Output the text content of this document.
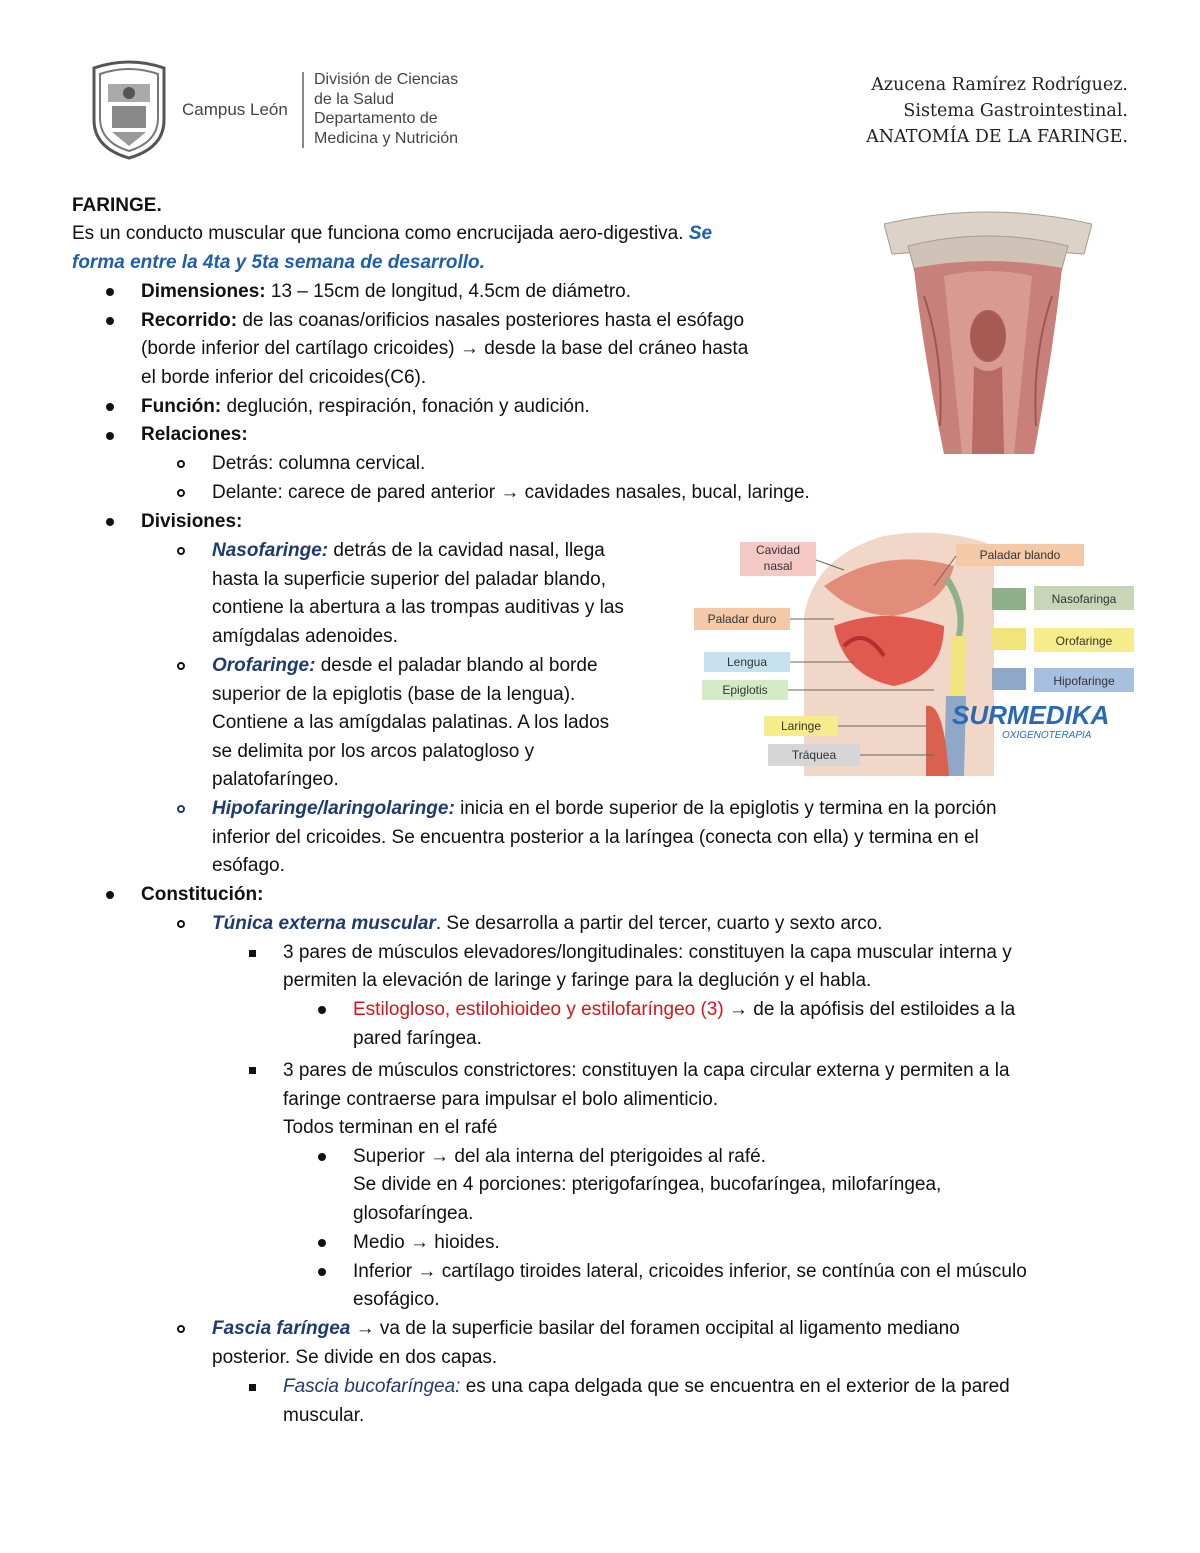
Campus León
División de Ciencias
de la Salud
Departamento de
Medicina y Nutrición
Azucena Ramírez Rodríguez.
Sistema Gastrointestinal.
ANATOMÍA DE LA FARINGE.
Cavidad
nasal
Paladar blando
Paladar duro
Nasofaringa
Lengua
Orofaringe
Epiglotis
Hipofaringe
SURMEDIKA
OXIGENOTERAPIA
Laringe
Tráquea
FARINGE.
Es un conducto muscular que funciona como encrucijada aero-digestiva. Se
forma entre la 4ta y 5ta semana de desarrollo.
Dimensiones: 13 – 15cm de longitud, 4.5cm de diámetro.
Recorrido: de las coanas/orificios nasales posteriores hasta el esófago
(borde inferior del cartílago cricoides) → desde la base del cráneo hasta
el borde inferior del cricoides(C6).
Función: deglución, respiración, fonación y audición.
Relaciones:
Detrás: columna cervical.
Delante: carece de pared anterior → cavidades nasales, bucal, laringe.
Divisiones:
Nasofaringe: detrás de la cavidad nasal, llega
hasta la superficie superior del paladar blando,
contiene la abertura a las trompas auditivas y las
amígdalas adenoides.
Orofaringe: desde el paladar blando al borde
superior de la epiglotis (base de la lengua).
Contiene a las amígdalas palatinas. A los lados
se delimita por los arcos palatogloso y
palatofaríngeo.
Hipofaringe/laringolaringe: inicia en el borde superior de la epiglotis y termina en la porción
inferior del cricoides. Se encuentra posterior a la laríngea (conecta con ella) y termina en el
esófago.
Constitución:
Túnica externa muscular. Se desarrolla a partir del tercer, cuarto y sexto arco.
3 pares de músculos elevadores/longitudinales: constituyen la capa muscular interna y
permiten la elevación de laringe y faringe para la deglución y el habla.
Estilogloso, estilohioideo y estilofaríngeo (3) → de la apófisis del estiloides a la
pared faríngea.
3 pares de músculos constrictores: constituyen la capa circular externa y permiten a la
faringe contraerse para impulsar el bolo alimenticio.
Todos terminan en el rafé
Superior → del ala interna del pterigoides al rafé.
Se divide en 4 porciones: pterigofaríngea, bucofaríngea, milofaríngea,
glosofaríngea.
Medio → hioides.
Inferior → cartílago tiroides lateral, cricoides inferior, se contínúa con el músculo
esofágico.
Fascia faríngea → va de la superficie basilar del foramen occipital al ligamento mediano
posterior. Se divide en dos capas.
Fascia bucofaríngea: es una capa delgada que se encuentra en el exterior de la pared
muscular.
